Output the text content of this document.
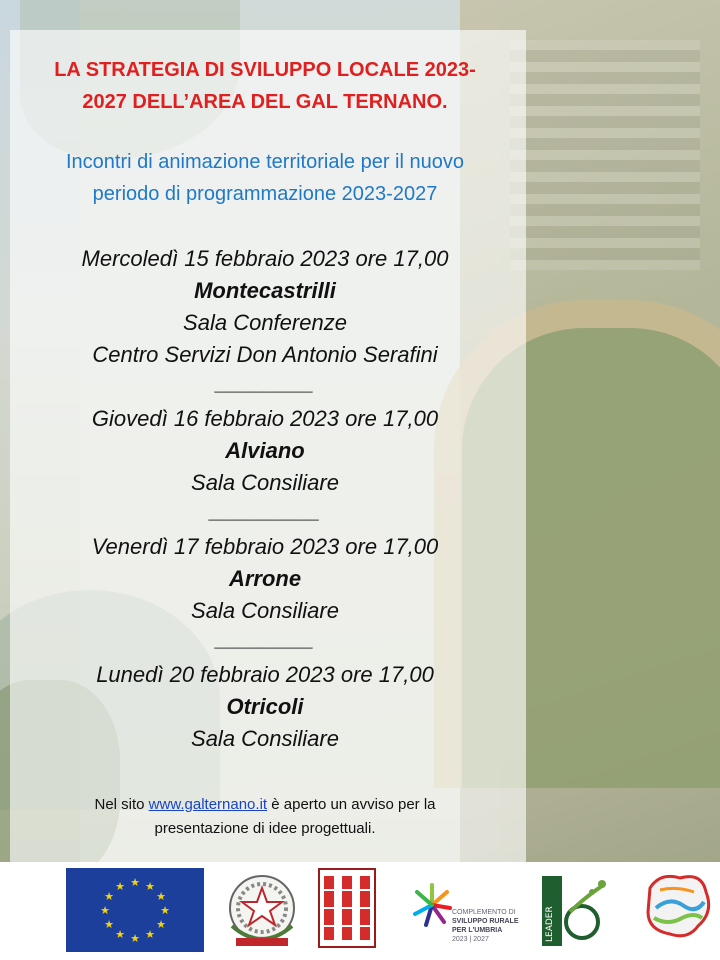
LA STRATEGIA DI SVILUPPO LOCALE 2023-
2027 DELL’AREA DEL GAL TERNANO.
Incontri di animazione territoriale per il nuovo
periodo di programmazione 2023-2027
Mercoledì 15 febbraio 2023 ore 17,00
Montecastrilli
Sala Conferenze
Centro Servizi Don Antonio Serafini
________
Giovedì 16 febbraio 2023 ore 17,00
Alviano
Sala Consiliare
_________
Venerdì 17 febbraio 2023 ore 17,00
Arrone
Sala Consiliare
________
Lunedì 20 febbraio 2023 ore 17,00
Otricoli
Sala Consiliare
Nel sito www.galternano.it è aperto un avviso per la
presentazione di idee progettuali.
★ ★
★
★
★
★
★
★
★
★
★
★
COMPLEMENTO DI
SVILUPPO RURALE
PER L'UMBRIA
2023 | 2027	LEADER
